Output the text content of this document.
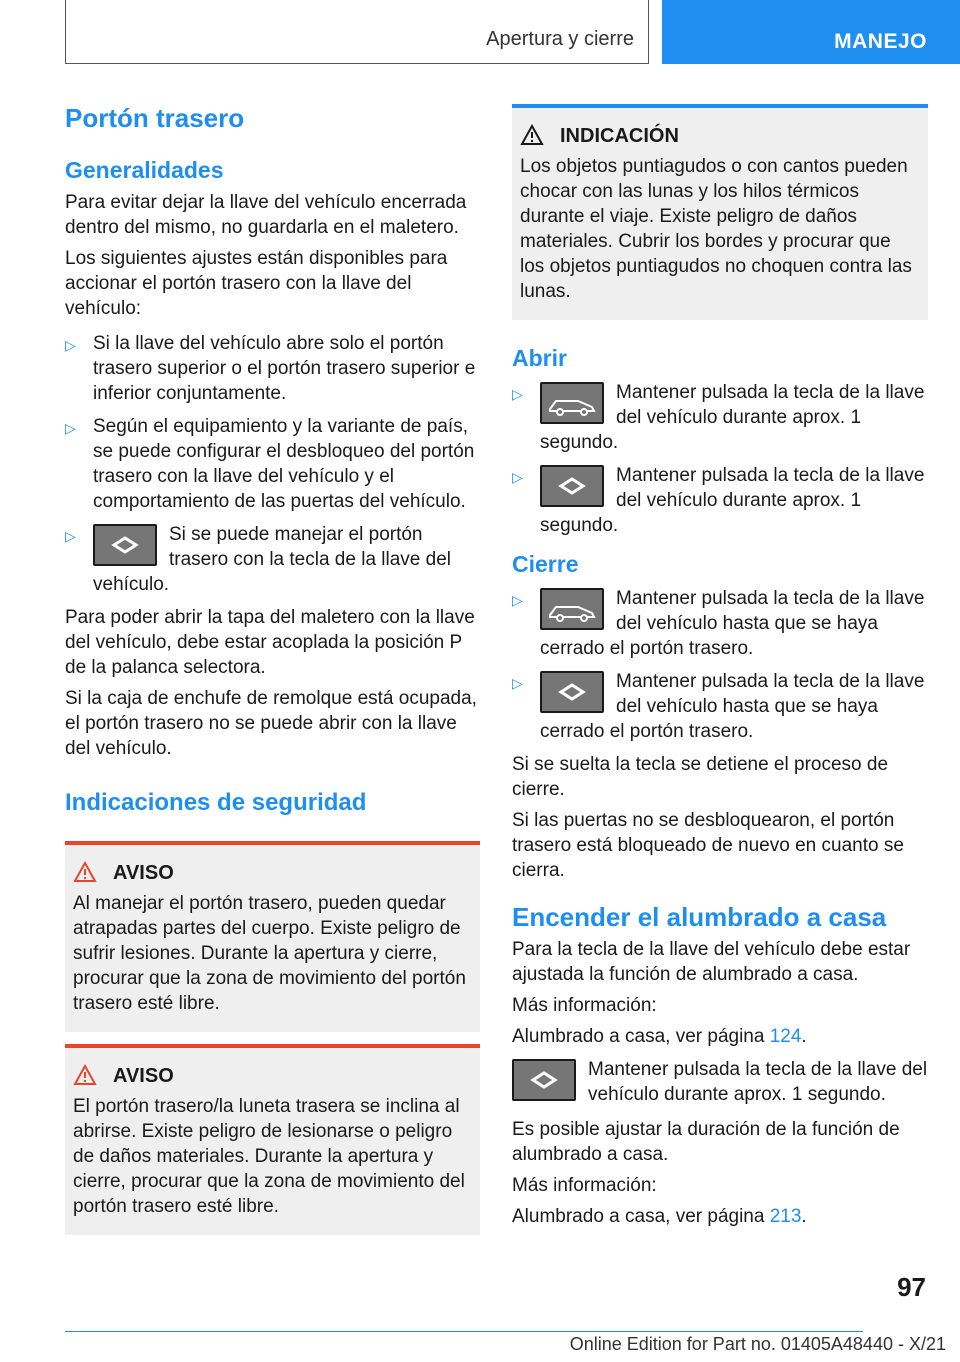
Apertura y cierre	MANEJO
Portón trasero
Generalidades

Para evitar dejar la llave del vehículo encerrada dentro del mismo, no guardarla en el maletero.

Los siguientes ajustes están disponibles para accionar el portón trasero con la llave del vehículo:

▷ Si la llave del vehículo abre solo el portón trasero superior o el portón trasero superior e inferior conjuntamente.
▷ Según el equipamiento y la variante de país, se puede configurar el desbloqueo del portón trasero con la llave del vehículo y el comportamiento de las puertas del vehículo.
▷	Si se puede manejar el portón trasero con la tecla de la llave del vehículo.

Para poder abrir la tapa del maletero con la llave del vehículo, debe estar acoplada la posición P de la palanca selectora.

Si la caja de enchufe de remolque está ocupada, el portón trasero no se puede abrir con la llave del vehículo.

Indicaciones de seguridad
AVISO
Al manejar el portón trasero, pueden quedar atrapadas partes del cuerpo. Existe peligro de sufrir lesiones. Durante la apertura y cierre, procurar que la zona de movimiento del portón trasero esté libre.
AVISO
El portón trasero/la luneta trasera se inclina al abrirse. Existe peligro de lesionarse o peligro de daños materiales. Durante la apertura y cierre, procurar que la zona de movimiento del portón trasero esté libre.
INDICACIÓN
Los objetos puntiagudos o con cantos pueden chocar con las lunas y los hilos térmicos durante el viaje. Existe peligro de daños materiales. Cubrir los bordes y procurar que los objetos puntiagudos no choquen contra las lunas.
Abrir
▷	Mantener pulsada la tecla de la llave del vehículo durante aprox. 1 segundo.
▷	Mantener pulsada la tecla de la llave del vehículo durante aprox. 1 segundo.
Cierre
▷	Mantener pulsada la tecla de la llave del vehículo hasta que se haya cerrado el portón trasero.
▷	Mantener pulsada la tecla de la llave del vehículo hasta que se haya cerrado el portón trasero.

Si se suelta la tecla se detiene el proceso de cierre.

Si las puertas no se desbloquearon, el portón trasero está bloqueado de nuevo en cuanto se cierra.

Encender el alumbrado a casa

Para la tecla de la llave del vehículo debe estar ajustada la función de alumbrado a casa.

Más información:

Alumbrado a casa, ver página 124.

Mantener pulsada la tecla de la llave del vehículo durante aprox. 1 segundo.

Es posible ajustar la duración de la función de alumbrado a casa.

Más información:

Alumbrado a casa, ver página 213.

97
Online Edition for Part no. 01405A48440 - X/21
